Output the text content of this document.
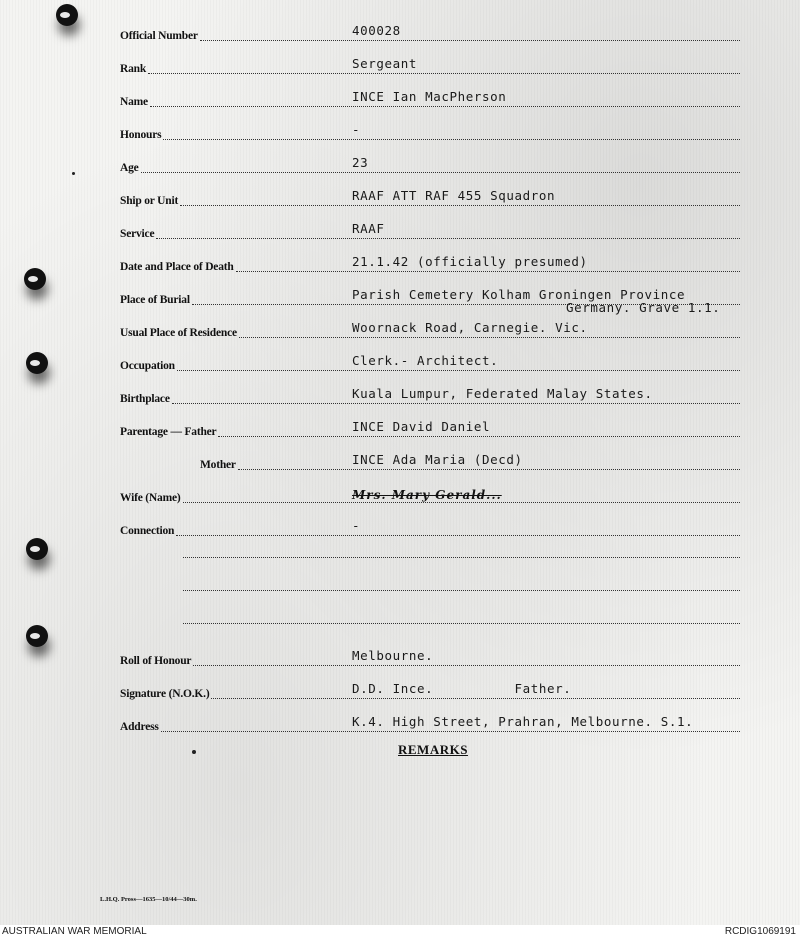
Official Number	400028
Rank	Sergeant
Name	INCE Ian MacPherson
Honours	-
Age	23
Ship or Unit	RAAF ATT RAF 455 Squadron
Service	RAAF
Date and Place of Death	21.1.42 (officially presumed)
Place of Burial	Parish Cemetery Kolham Groningen Province
Germany. Grave 1.1.
Usual Place of Residence	Woornack Road, Carnegie. Vic.
Occupation	Clerk.- Architect.
Birthplace	Kuala Lumpur, Federated Malay States.
Parentage — Father	INCE David Daniel
Mother	INCE Ada Maria (Decd)
Wife (Name)	Mrs. Mary Gerald...
Connection	-
Roll of Honour	Melbourne.
Signature (N.O.K.)	D.D. Ince.          Father.
Address	K.4. High Street, Prahran, Melbourne. S.1.
REMARKS
L.H.Q. Pross—1635—10/44—30m.
AUSTRALIAN WAR MEMORIAL	RCDIG1069191
